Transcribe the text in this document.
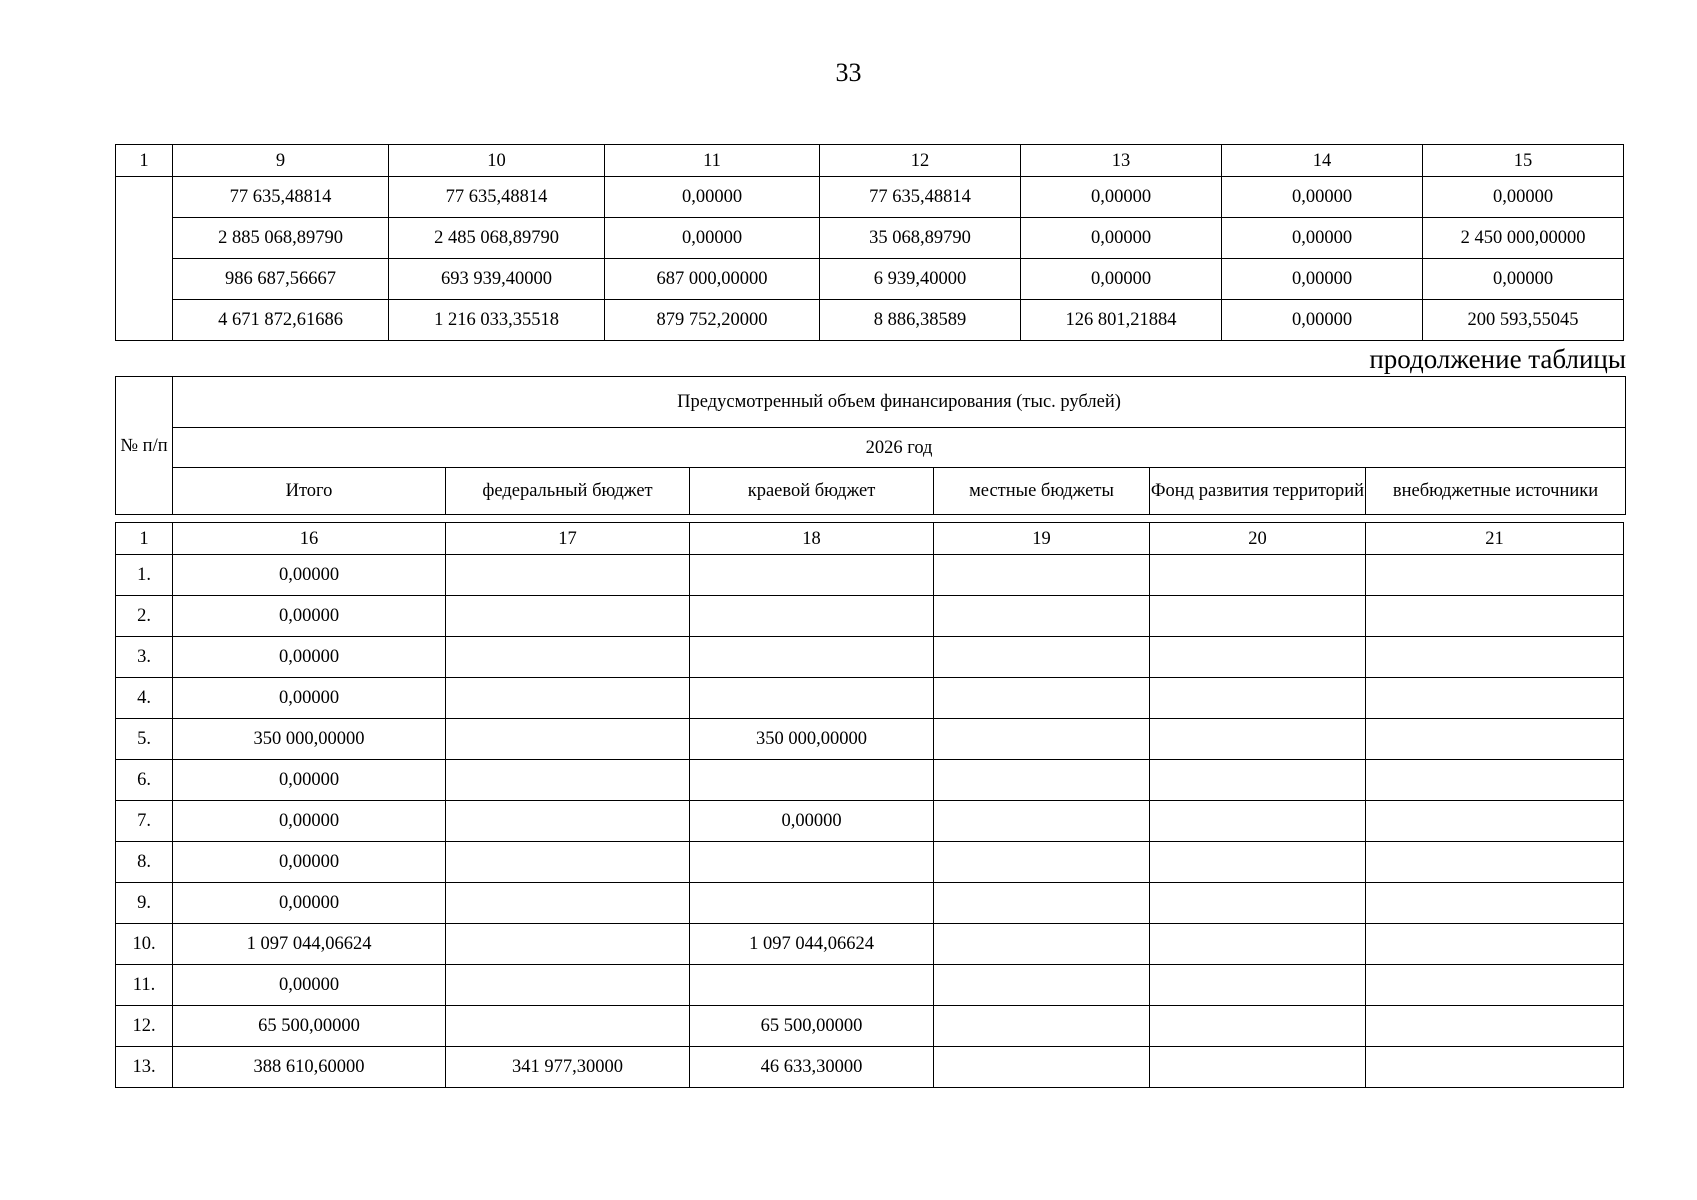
33
1	9	10	11	12	13	14	15
	77 635,48814	77 635,48814	0,00000	77 635,48814	0,00000	0,00000	0,00000
	2 885 068,89790	2 485 068,89790	0,00000	35 068,89790	0,00000	0,00000	2 450 000,00000
	986 687,56667	693 939,40000	687 000,00000	6 939,40000	0,00000	0,00000	0,00000
	4 671 872,61686	1 216 033,35518	879 752,20000	8 886,38589	126 801,21884	0,00000	200 593,55045
продолжение таблицы
№ п/п	Предусмотренный объем финансирования (тыс. рублей)					
	2026 год					
	Итого	федеральный бюджет	краевой бюджет	местные бюджеты	Фонд развития территорий	внебюджетные источники
1	16	17	18	19	20	21
1.	0,00000					
2.	0,00000					
3.	0,00000					
4.	0,00000					
5.	350 000,00000		350 000,00000			
6.	0,00000					
7.	0,00000		0,00000			
8.	0,00000					
9.	0,00000					
10.	1 097 044,06624		1 097 044,06624			
11.	0,00000					
12.	65 500,00000		65 500,00000			
13.	388 610,60000	341 977,30000	46 633,30000			
